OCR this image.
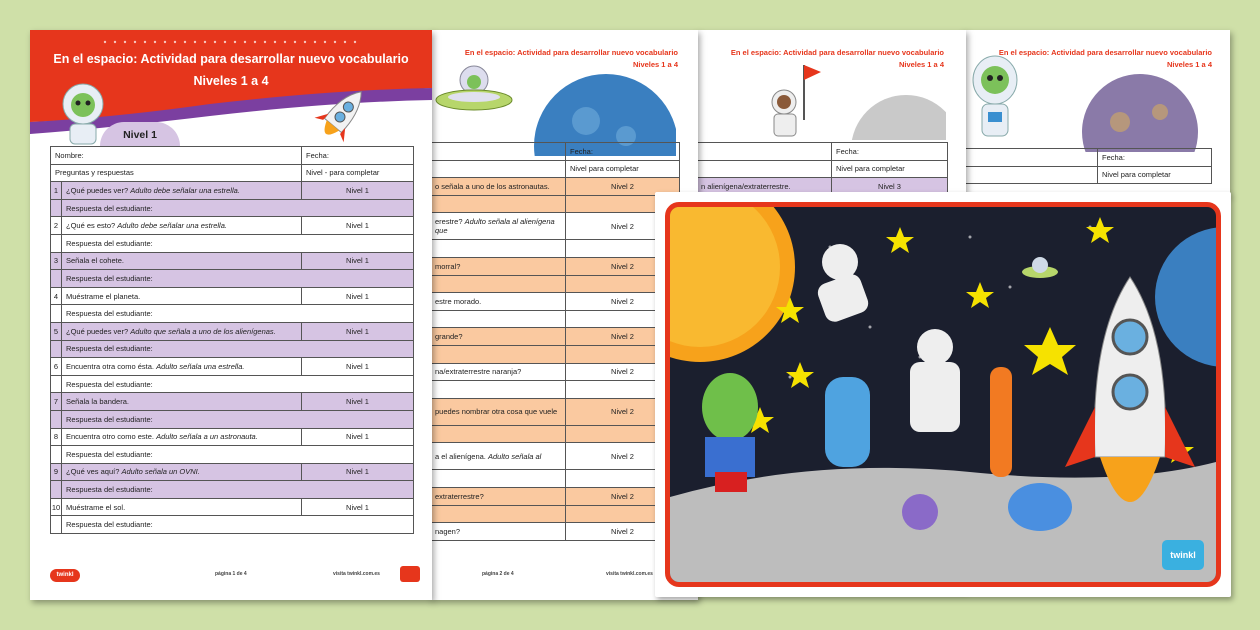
En el espacio: Actividad para desarrollar nuevo vocabulario
Niveles 1 a 4
	Fecha:
	Nivel para completar
En el espacio: Actividad para desarrollar nuevo vocabulario
Niveles 1 a 4
	Fecha:
	Nivel para completar
n alienígena/extraterrestre.	Nivel 3
En el espacio: Actividad para desarrollar nuevo vocabulario
Niveles 1 a 4
	Fecha:
	Nivel para completar
o señala a uno de los astronautas.	Nivel 2

erestre? Adulto señala al alienígena que	Nivel 2

morral?	Nivel 2

estre morado.	Nivel 2

grande?	Nivel 2

na/extraterrestre naranja?	Nivel 2

puedes nombrar otra cosa que vuele	Nivel 2

a el alienígena. Adulto señala al	Nivel 2

extraterrestre?	Nivel 2

nagen?	Nivel 2
página 2 de 4	visita twinkl.com.es
En el espacio: Actividad para desarrollar nuevo vocabulario
Niveles 1 a 4
Nivel 1
Nombre:		Fecha:
Preguntas y respuestas		Nivel - para completar
1	¿Qué puedes ver? Adulto debe señalar una estrella.	Nivel 1
	Respuesta del estudiante:	
2	¿Qué es esto? Adulto debe señalar una estrella.	Nivel 1
	Respuesta del estudiante:	
3	Señala el cohete.	Nivel 1
	Respuesta del estudiante:	
4	Muéstrame el planeta.	Nivel 1
	Respuesta del estudiante:	
5	¿Qué puedes ver? Adulto que señala a uno de los alienígenas.	Nivel 1
	Respuesta del estudiante:	
6	Encuentra otra como ésta. Adulto señala una estrella.	Nivel 1
	Respuesta del estudiante:	
7	Señala la bandera.	Nivel 1
	Respuesta del estudiante:	
8	Encuentra otro como este. Adulto señala a un astronauta.	Nivel 1
	Respuesta del estudiante:	
9	¿Qué ves aquí? Adulto señala un OVNI.	Nivel 1
	Respuesta del estudiante:	
10	Muéstrame el sol.	Nivel 1
	Respuesta del estudiante:	
twinkl	página 1 de 4	visita twinkl.com.es
twinkl
